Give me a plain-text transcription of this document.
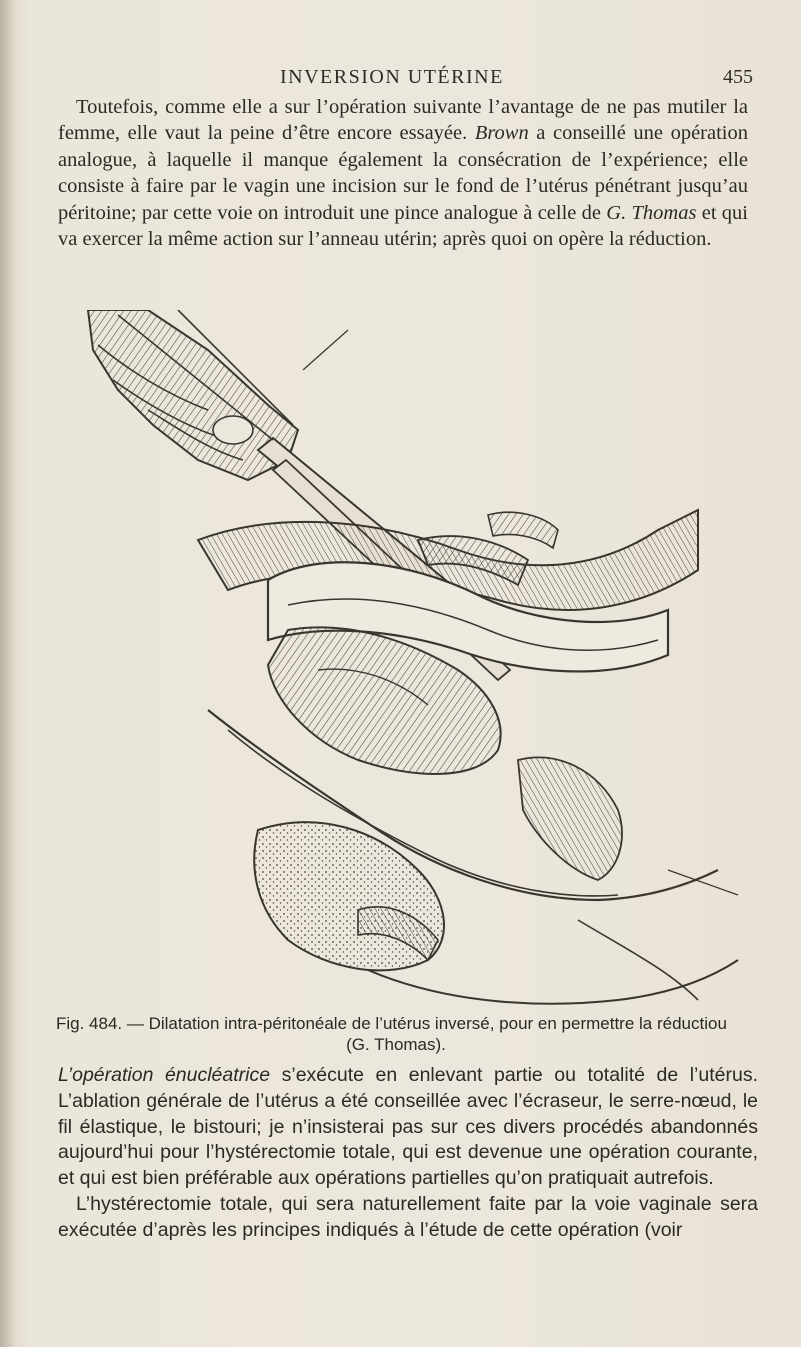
INVERSION UTÉRINE	455

Toutefois, comme elle a sur l’opération suivante l’avantage de ne pas mutiler la femme, elle vaut la peine d’être encore essayée. Brown a conseillé une opération analogue, à laquelle il manque également la consécration de l’expérience; elle consiste à faire par le vagin une incision sur le fond de l’utérus pénétrant jusqu’au péritoine; par cette voie on introduit une pince analogue à celle de G. Thomas et qui va exercer la même action sur l’anneau utérin; après quoi on opère la réduction.

Fig. 484. — Dilatation intra-péritonéale de l’utérus inversé, pour en permettre la réductiou
(G. Thomas).

L’opération énucléatrice s’exécute en enlevant partie ou totalité de l’utérus. L’ablation générale de l’utérus a été conseillée avec l’écraseur, le serre-nœud, le fil élastique, le bistouri; je n’insisterai pas sur ces divers procédés abandonnés aujourd’hui pour l’hystérectomie totale, qui est devenue une opération courante, et qui est bien préférable aux opérations partielles qu’on pratiquait autrefois.

L’hystérectomie totale, qui sera naturellement faite par la voie vaginale sera exécutée d’après les principes indiqués à l’étude de cette opération (voir
